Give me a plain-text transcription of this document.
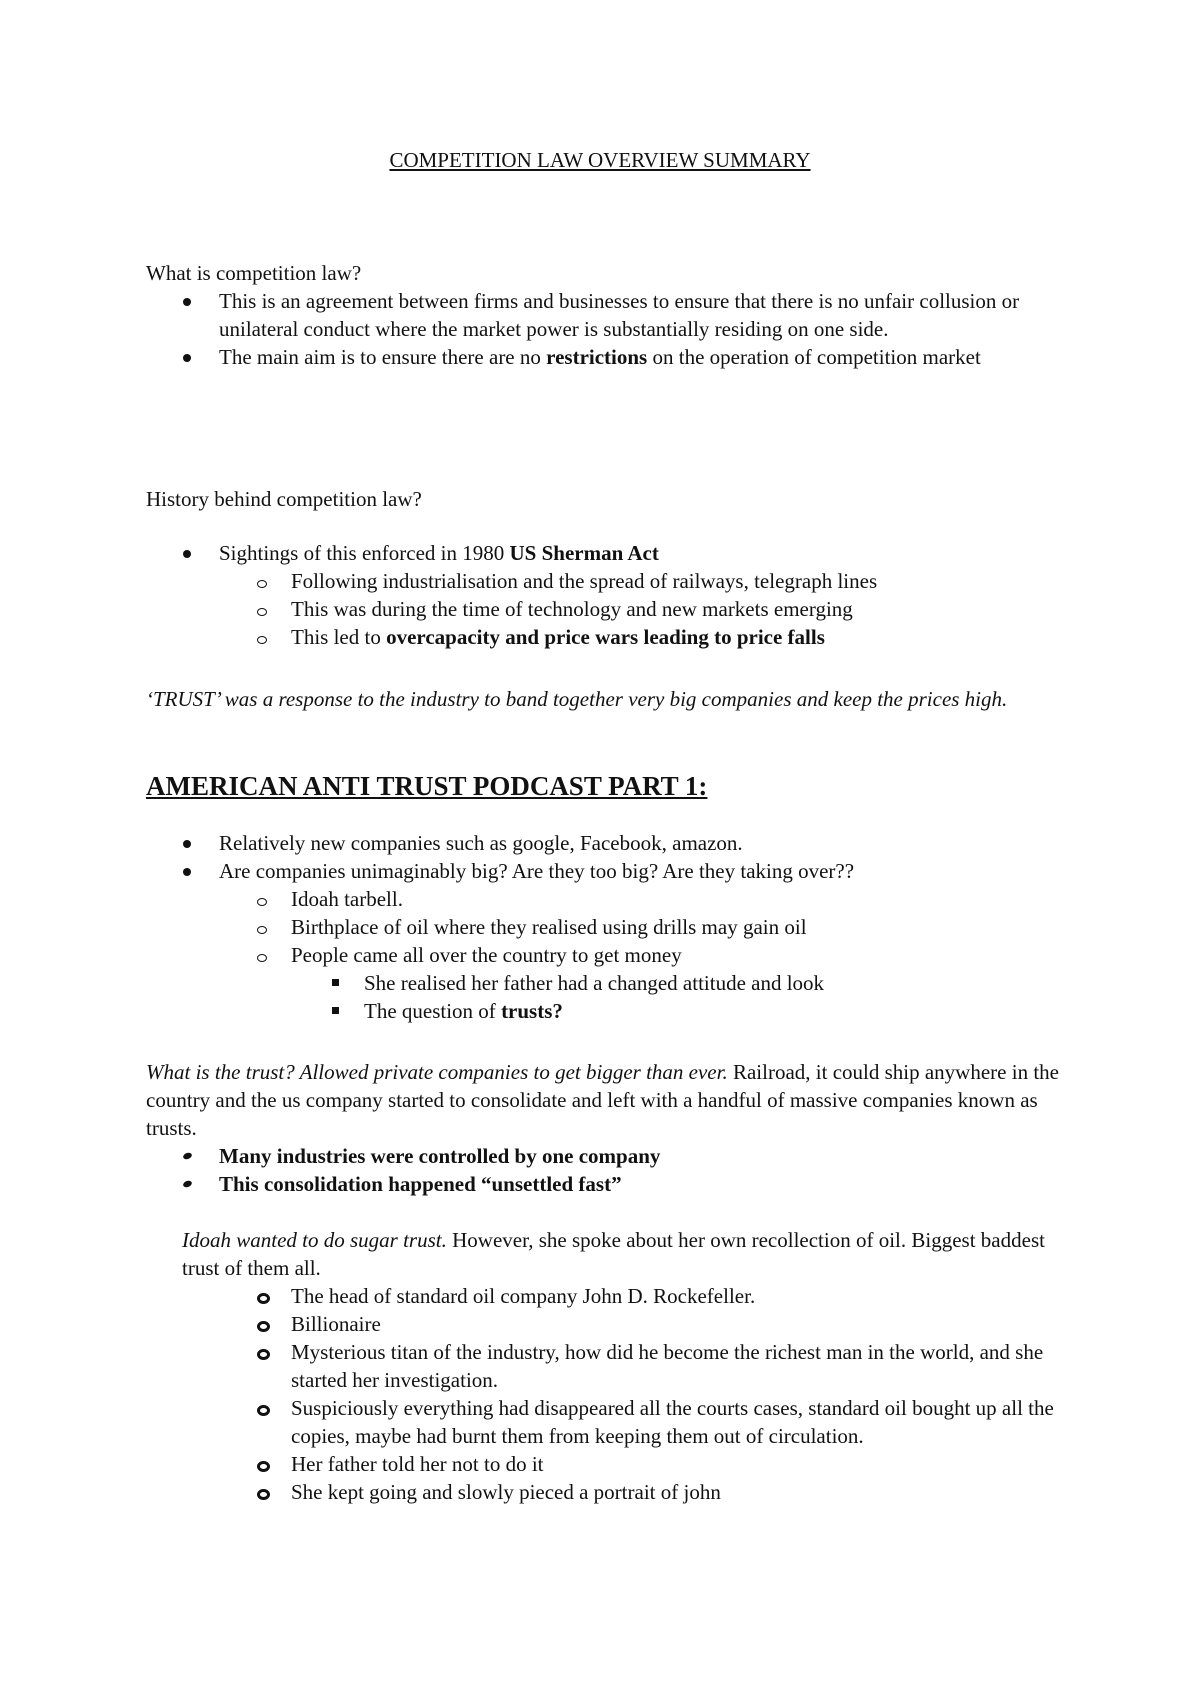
COMPETITION LAW OVERVIEW SUMMARY

What is competition law?

This is an agreement between firms and businesses to ensure that there is no unfair collusion or unilateral conduct where the market power is substantially residing on one side.
The main aim is to ensure there are no restrictions on the operation of competition market

History behind competition law?

Sightings of this enforced in 1980 US Sherman Act
Following industrialisation and the spread of railways, telegraph lines
This was during the time of technology and new markets emerging
This led to overcapacity and price wars leading to price falls

‘TRUST’ was a response to the industry to band together very big companies and keep the prices high.

AMERICAN ANTI TRUST PODCAST PART 1:

Relatively new companies such as google, Facebook, amazon.
Are companies unimaginably big? Are they too big? Are they taking over??
Idoah tarbell.
Birthplace of oil where they realised using drills may gain oil
People came all over the country to get money
She realised her father had a changed attitude and look
The question of trusts?

What is the trust? Allowed private companies to get bigger than ever. Railroad, it could ship anywhere in the country and the us company started to consolidate and left with a handful of massive companies known as trusts.

Many industries were controlled by one company
This consolidation happened “unsettled fast”

Idoah wanted to do sugar trust. However, she spoke about her own recollection of oil. Biggest baddest trust of them all.

The head of standard oil company John D. Rockefeller.
Billionaire
Mysterious titan of the industry, how did he become the richest man in the world, and she started her investigation.
Suspiciously everything had disappeared all the courts cases, standard oil bought up all the copies, maybe had burnt them from keeping them out of circulation.
Her father told her not to do it
She kept going and slowly pieced a portrait of john
